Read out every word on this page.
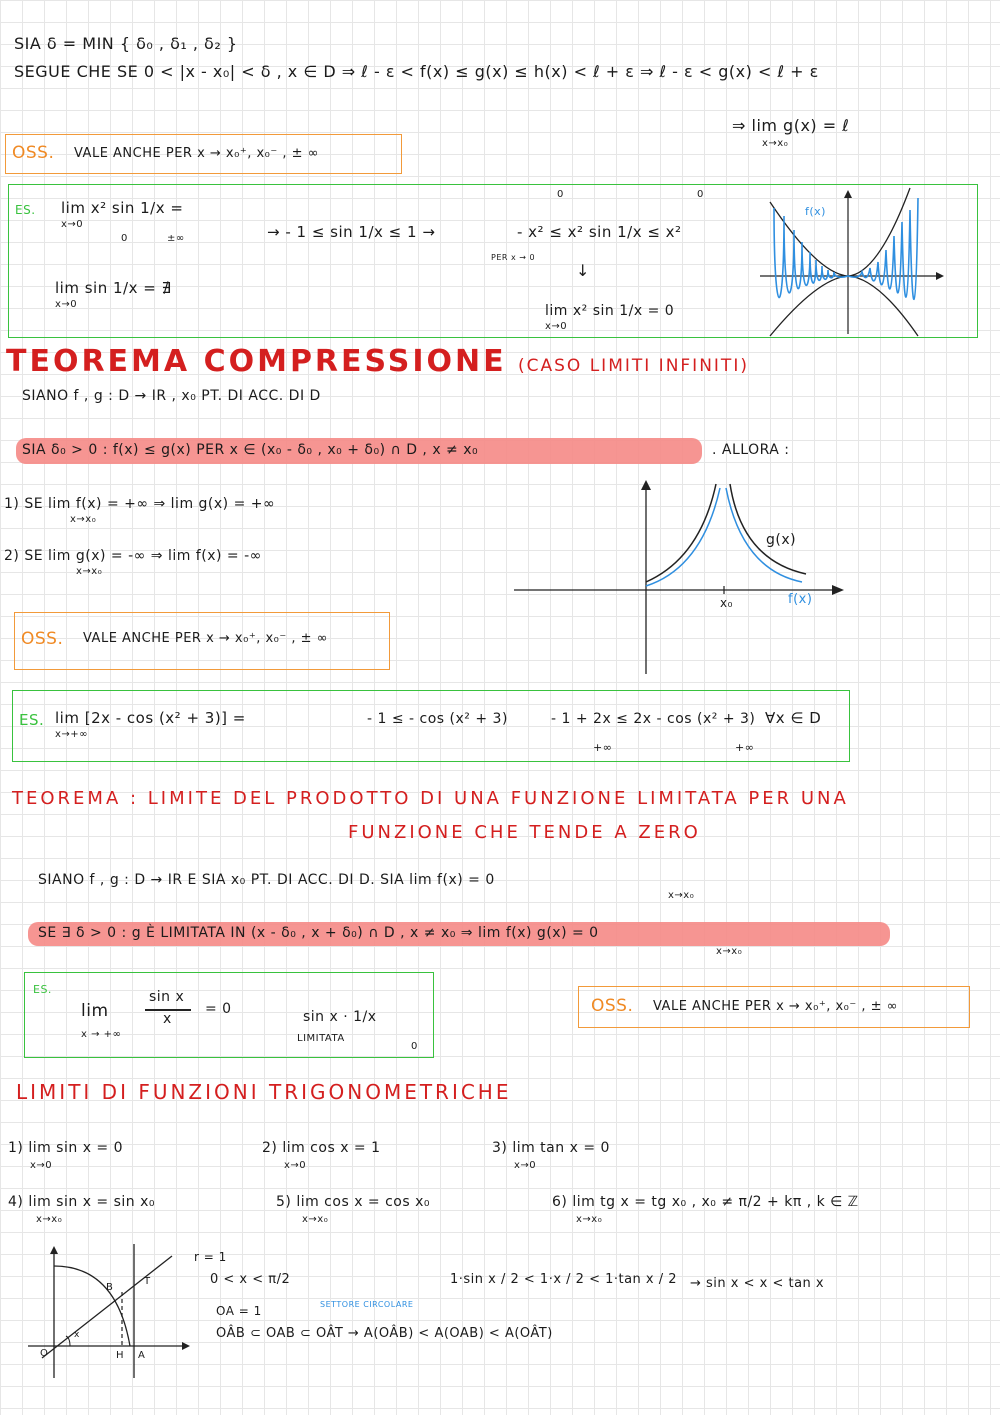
SIA δ = MIN { δ₀ , δ₁ , δ₂ }
SEGUE CHE SE 0 < |x - x₀| < δ , x ∈ D ⇒ ℓ - ε < f(x) ≤ g(x) ≤ h(x) < ℓ + ε ⇒ ℓ - ε < g(x) < ℓ + ε
⇒ lim g(x) = ℓ
x→x₀
OSS. VALE ANCHE PER x → x₀⁺, x₀⁻ , ± ∞
ES. lim x² sin 1/x =
x→0
0	±∞	→ - 1 ≤ sin 1/x ≤ 1 →	- x² ≤ x² sin 1/x ≤ x²
0	0
PER x → 0
↓
lim x² sin 1/x = 0
x→0
lim sin 1/x = ∄
x→0
f(x)
TEOREMA COMPRESSIONE (CASO LIMITI INFINITI)
SIANO f , g : D → IR , x₀ PT. DI ACC. DI D
SIA δ₀ > 0 : f(x) ≤ g(x) PER x ∈ (x₀ - δ₀ , x₀ + δ₀) ∩ D , x ≠ x₀	. ALLORA :
1) SE lim f(x) = +∞ ⇒ lim g(x) = +∞
x→x₀
2) SE lim g(x) = -∞ ⇒ lim f(x) = -∞
x→x₀
g(x)
f(x)
x₀
OSS. VALE ANCHE PER x → x₀⁺, x₀⁻ , ± ∞
ES. lim [2x - cos (x² + 3)] =
x→+∞
- 1 ≤ - cos (x² + 3)	- 1 + 2x ≤ 2x - cos (x² + 3) ∀x ∈ D
+∞	+∞
TEOREMA : LIMITE DEL PRODOTTO DI UNA FUNZIONE LIMITATA PER UNA
FUNZIONE CHE TENDE A ZERO
SIANO f , g : D → IR E SIA x₀ PT. DI ACC. DI D. SIA lim f(x) = 0
x→x₀
SE ∃ δ > 0 : g È LIMITATA IN (x - δ₀ , x + δ₀) ∩ D , x ≠ x₀ ⇒ lim f(x) g(x) = 0
x→x₀
ES.
lim
x → +∞
sin x
x
= 0	sin x · 1/x
LIMITATA
0
OSS. VALE ANCHE PER x → x₀⁺, x₀⁻ , ± ∞
LIMITI DI FUNZIONI TRIGONOMETRICHE
1) lim sin x = 0
x→0
2) lim cos x = 1
x→0
3) lim tan x = 0
x→0
4) lim sin x = sin x₀
x→x₀
5) lim cos x = cos x₀
x→x₀
6) lim tg x = tg x₀ , x₀ ≠ π/2 + kπ , k ∈ ℤ
x→x₀
O	H A
B
T
x
r = 1
0 < x < π/2
OA = 1	SETTORE CIRCOLARE
OÂB ⊂ OAB ⊂ OÂT → A(OÂB) < A(OAB) < A(OÂT)
1·sin x / 2 < 1·x / 2 < 1·tan x / 2 → sin x < x < tan x
